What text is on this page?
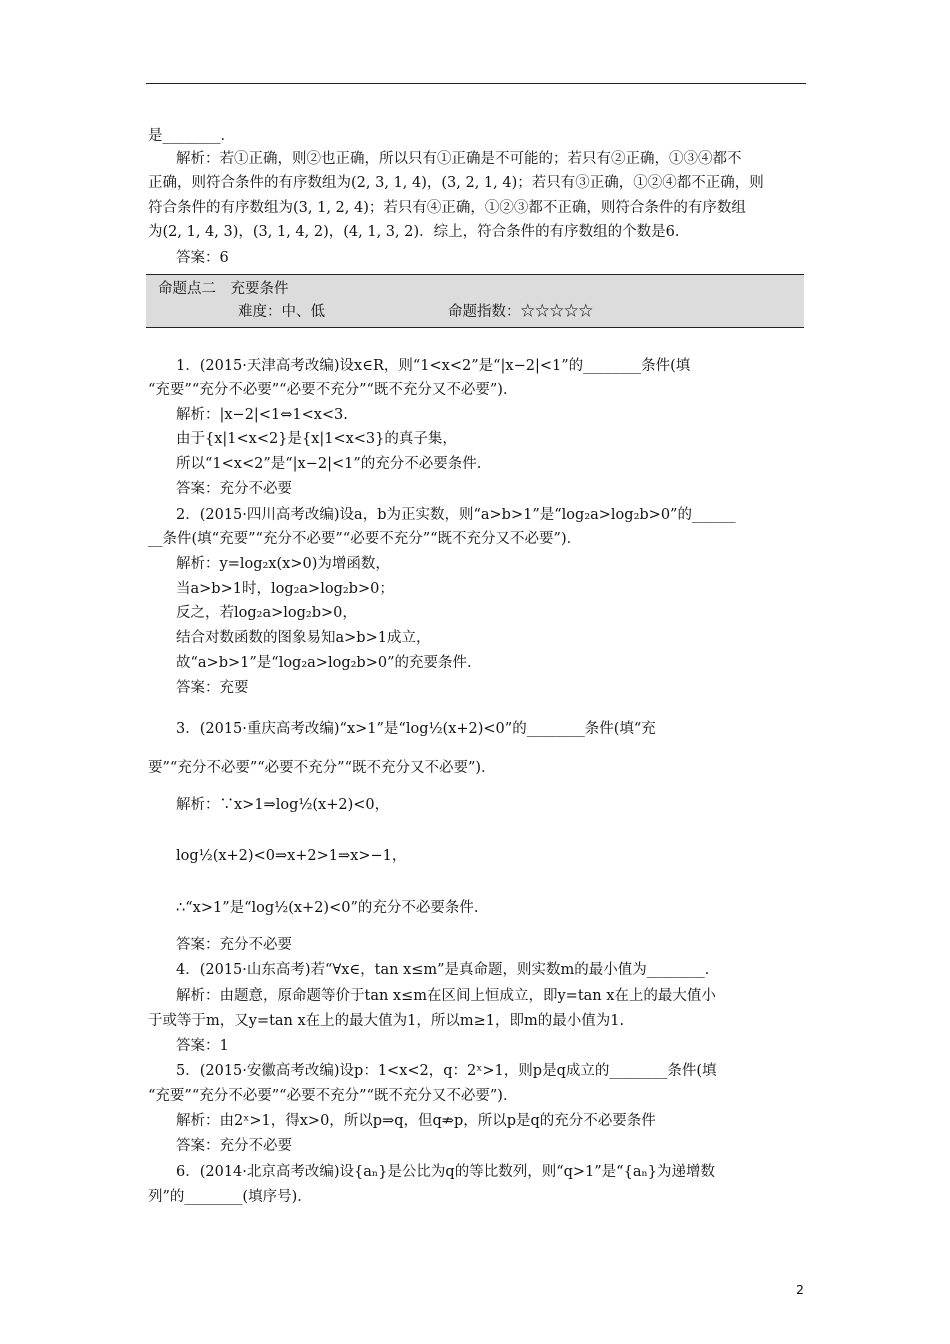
是________．
解析：若①正确，则②也正确，所以只有①正确是不可能的；若只有②正确，①③④都不
正确，则符合条件的有序数组为(2, 3, 1, 4)，(3, 2, 1, 4)；若只有③正确，①②④都不正确，则
符合条件的有序数组为(3, 1, 2, 4)；若只有④正确，①②③都不正确，则符合条件的有序数组
为(2, 1, 4, 3)，(3, 1, 4, 2)，(4, 1, 3, 2)．综上，符合条件的有序数组的个数是6.
答案：6
命题点二　充要条件
难度：中、低	命题指数：☆☆☆☆☆
1．(2015·天津高考改编)设x∈R，则“1<x<2”是“|x−2|<1”的________条件(填
“充要”“充分不必要”“必要不充分”“既不充分又不必要”)．
解析：|x−2|<1⇔1<x<3.
由于{x|1<x<2}是{x|1<x<3}的真子集，
所以“1<x<2”是“|x−2|<1”的充分不必要条件.
答案：充分不必要
2．(2015·四川高考改编)设a，b为正实数，则“a>b>1”是“log₂a>log₂b>0”的______
__条件(填“充要”“充分不必要”“必要不充分”“既不充分又不必要”)．
解析：y=log₂x(x>0)为增函数，
当a>b>1时，log₂a>log₂b>0；
反之，若log₂a>log₂b>0，
结合对数函数的图象易知a>b>1成立，
故“a>b>1”是“log₂a>log₂b>0”的充要条件.
答案：充要
3．(2015·重庆高考改编)“x>1”是“log½(x+2)<0”的________条件(填“充
要”“充分不必要”“必要不充分”“既不充分又不必要”)．
解析：∵x>1⇒log½(x+2)<0，
log½(x+2)<0⇒x+2>1⇒x>−1，
∴“x>1”是“log½(x+2)<0”的充分不必要条件.
答案：充分不必要
4．(2015·山东高考)若“∀x∈，tan x≤m”是真命题，则实数m的最小值为________．
解析：由题意，原命题等价于tan x≤m在区间上恒成立，即y=tan x在上的最大值小
于或等于m，又y=tan x在上的最大值为1，所以m≥1，即m的最小值为1.
答案：1
5．(2015·安徽高考改编)设p：1<x<2，q：2ˣ>1，则p是q成立的________条件(填
“充要”“充分不必要”“必要不充分”“既不充分又不必要”)．
解析：由2ˣ>1，得x>0，所以p⇒q，但q⇏p，所以p是q的充分不必要条件
答案：充分不必要
6．(2014·北京高考改编)设{aₙ}是公比为q的等比数列，则“q>1”是“{aₙ}为递增数
列”的________(填序号)．
2
